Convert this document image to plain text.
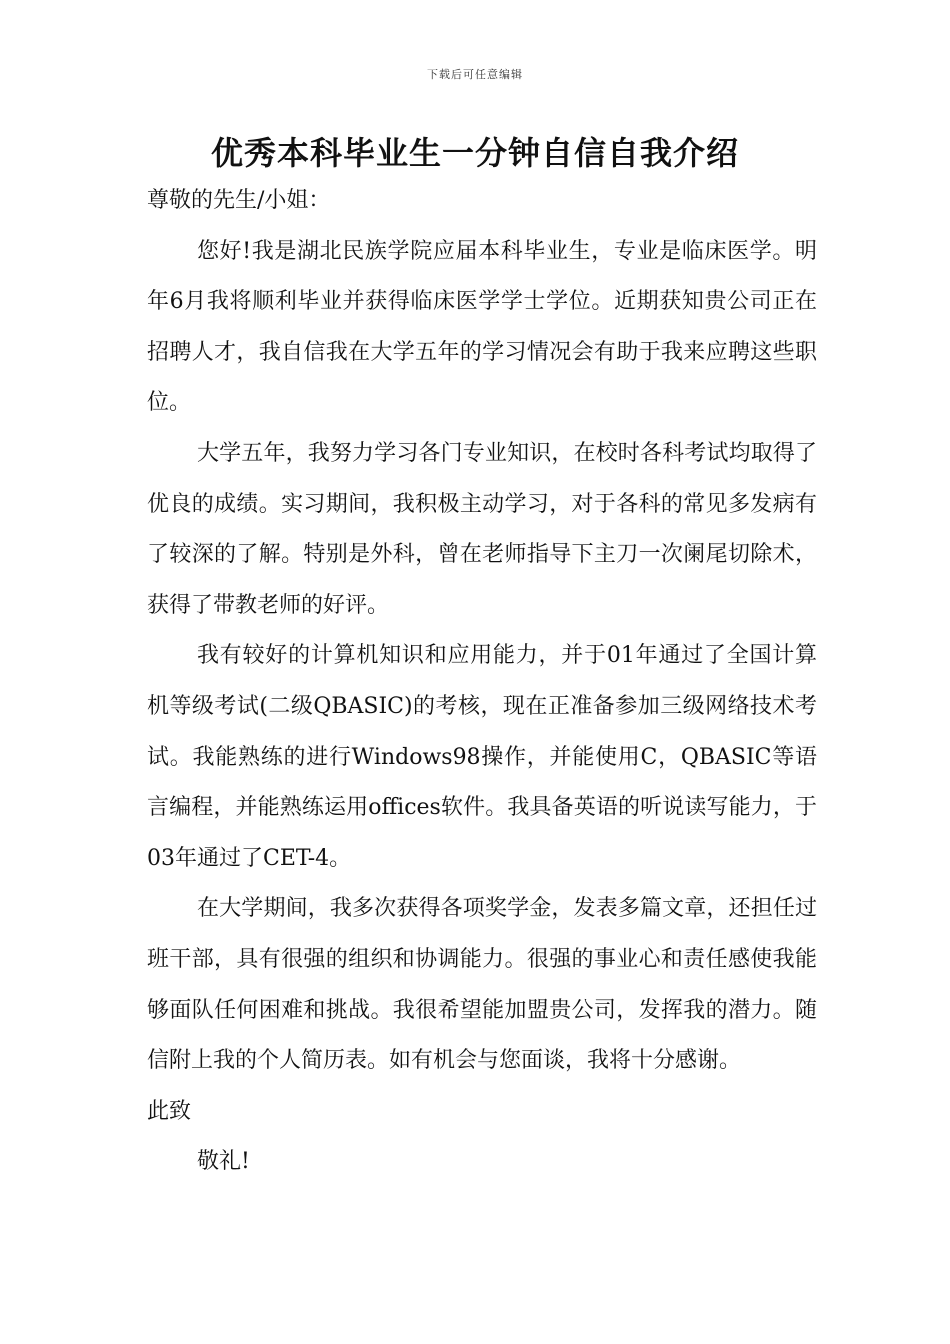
下载后可任意编辑
优秀本科毕业生一分钟自信自我介绍

尊敬的先生/小姐：

您好!我是湖北民族学院应届本科毕业生，专业是临床医学。明年6月我将顺利毕业并获得临床医学学士学位。近期获知贵公司正在招聘人才，我自信我在大学五年的学习情况会有助于我来应聘这些职位。

大学五年，我努力学习各门专业知识，在校时各科考试均取得了优良的成绩。实习期间，我积极主动学习，对于各科的常见多发病有了较深的了解。特别是外科，曾在老师指导下主刀一次阑尾切除术，获得了带教老师的好评。

我有较好的计算机知识和应用能力，并于01年通过了全国计算机等级考试(二级QBASIC)的考核，现在正准备参加三级网络技术考试。我能熟练的进行Windows98操作，并能使用C，QBASIC等语言编程，并能熟练运用offices软件。我具备英语的听说读写能力，于03年通过了CET-4。

在大学期间，我多次获得各项奖学金，发表多篇文章，还担任过班干部，具有很强的组织和协调能力。很强的事业心和责任感使我能够面队任何困难和挑战。我很希望能加盟贵公司，发挥我的潜力。随信附上我的个人简历表。如有机会与您面谈，我将十分感谢。

此致

敬礼!
